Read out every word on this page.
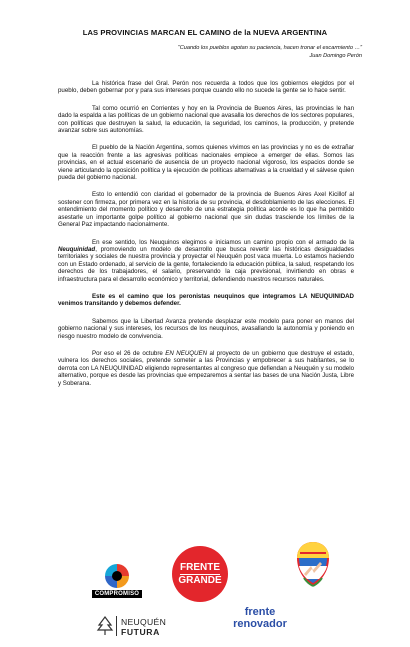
LAS PROVINCIAS MARCAN EL CAMINO de la NUEVA ARGENTINA
“Cuando los pueblos agotan su paciencia, hacen tronar el escarmiento …”
Juan Domingo Perón

La histórica frase del Gral. Perón nos recuerda a todos que los gobiernos elegidos por el pueblo, deben gobernar por y para sus intereses porque cuando ello no sucede la gente se lo hace sentir.

Tal como ocurrió en Corrientes y hoy en la Provincia de Buenos Aires, las provincias le han dado la espalda a las políticas de un gobierno nacional que avasalla los derechos de los sectores populares, con políticas que destruyen la salud, la educación, la seguridad, los caminos, la producción, y pretende avanzar sobre sus autonomías.

El pueblo de la Nación Argentina, somos quienes vivimos en las provincias y no es de extrañar que la reacción frente a las agresivas políticas nacionales empiece a emerger de ellas. Somos las provincias, en el actual escenario de ausencia de un proyecto nacional vigoroso, los espacios donde se viene articulando la oposición política y la ejecución de políticas alternativas a la crueldad y el sálvese quien pueda del gobierno nacional.

Esto lo entendió con claridad el gobernador de la provincia de Buenos Aires Axel Kicillof al sostener con firmeza, por primera vez en la historia de su provincia, el desdoblamiento de las elecciones. El entendimiento del momento político y desarrollo de una estrategia política acorde es lo que ha permitido asestarle un importante golpe político al gobierno nacional que sin dudas trasciende los límites de la General Paz impactando nacionalmente.

En ese sentido, los Neuquinos elegimos e iniciamos un camino propio con el armado de la Neuquinidad, promoviendo un modelo de desarrollo que busca revertir las históricas desigualdades territoriales y sociales de nuestra provincia y proyectar el Neuquén post vaca muerta. Lo estamos haciendo con un Estado ordenado, al servicio de la gente, fortaleciendo la educación pública, la salud, respetando los derechos de los trabajadores, el salario, preservando la caja previsional, invirtiendo en obras e infraestructura para el desarrollo económico y territorial, defendiendo nuestros recursos naturales.

Este es el camino que los peronistas neuquinos que integramos LA NEUQUINIDAD venimos transitando y debemos defender.

Sabemos que la Libertad Avanza pretende desplazar este modelo para poner en manos del gobierno nacional y sus intereses, los recursos de los neuquinos, avasallando la autonomía y poniendo en riesgo nuestro modelo de convivencia.

Por eso el 26 de octubre EN NEUQUEN al proyecto de un gobierno que destruye el estado, vulnera los derechos sociales, pretende someter a las Provincias y empobrecer a sus habitantes, se lo derrota con LA NEUQUINIDAD eligiendo representantes al congreso que defiendan a Neuquén y su modelo alternativo, porque es desde las provincias que empezaremos a sentar las bases de una Nación Justa, Libre y Soberana.

COMPROMISO
FRENTE
GRANDE
NEUQUÉN
FUTURA
frente
renovador
